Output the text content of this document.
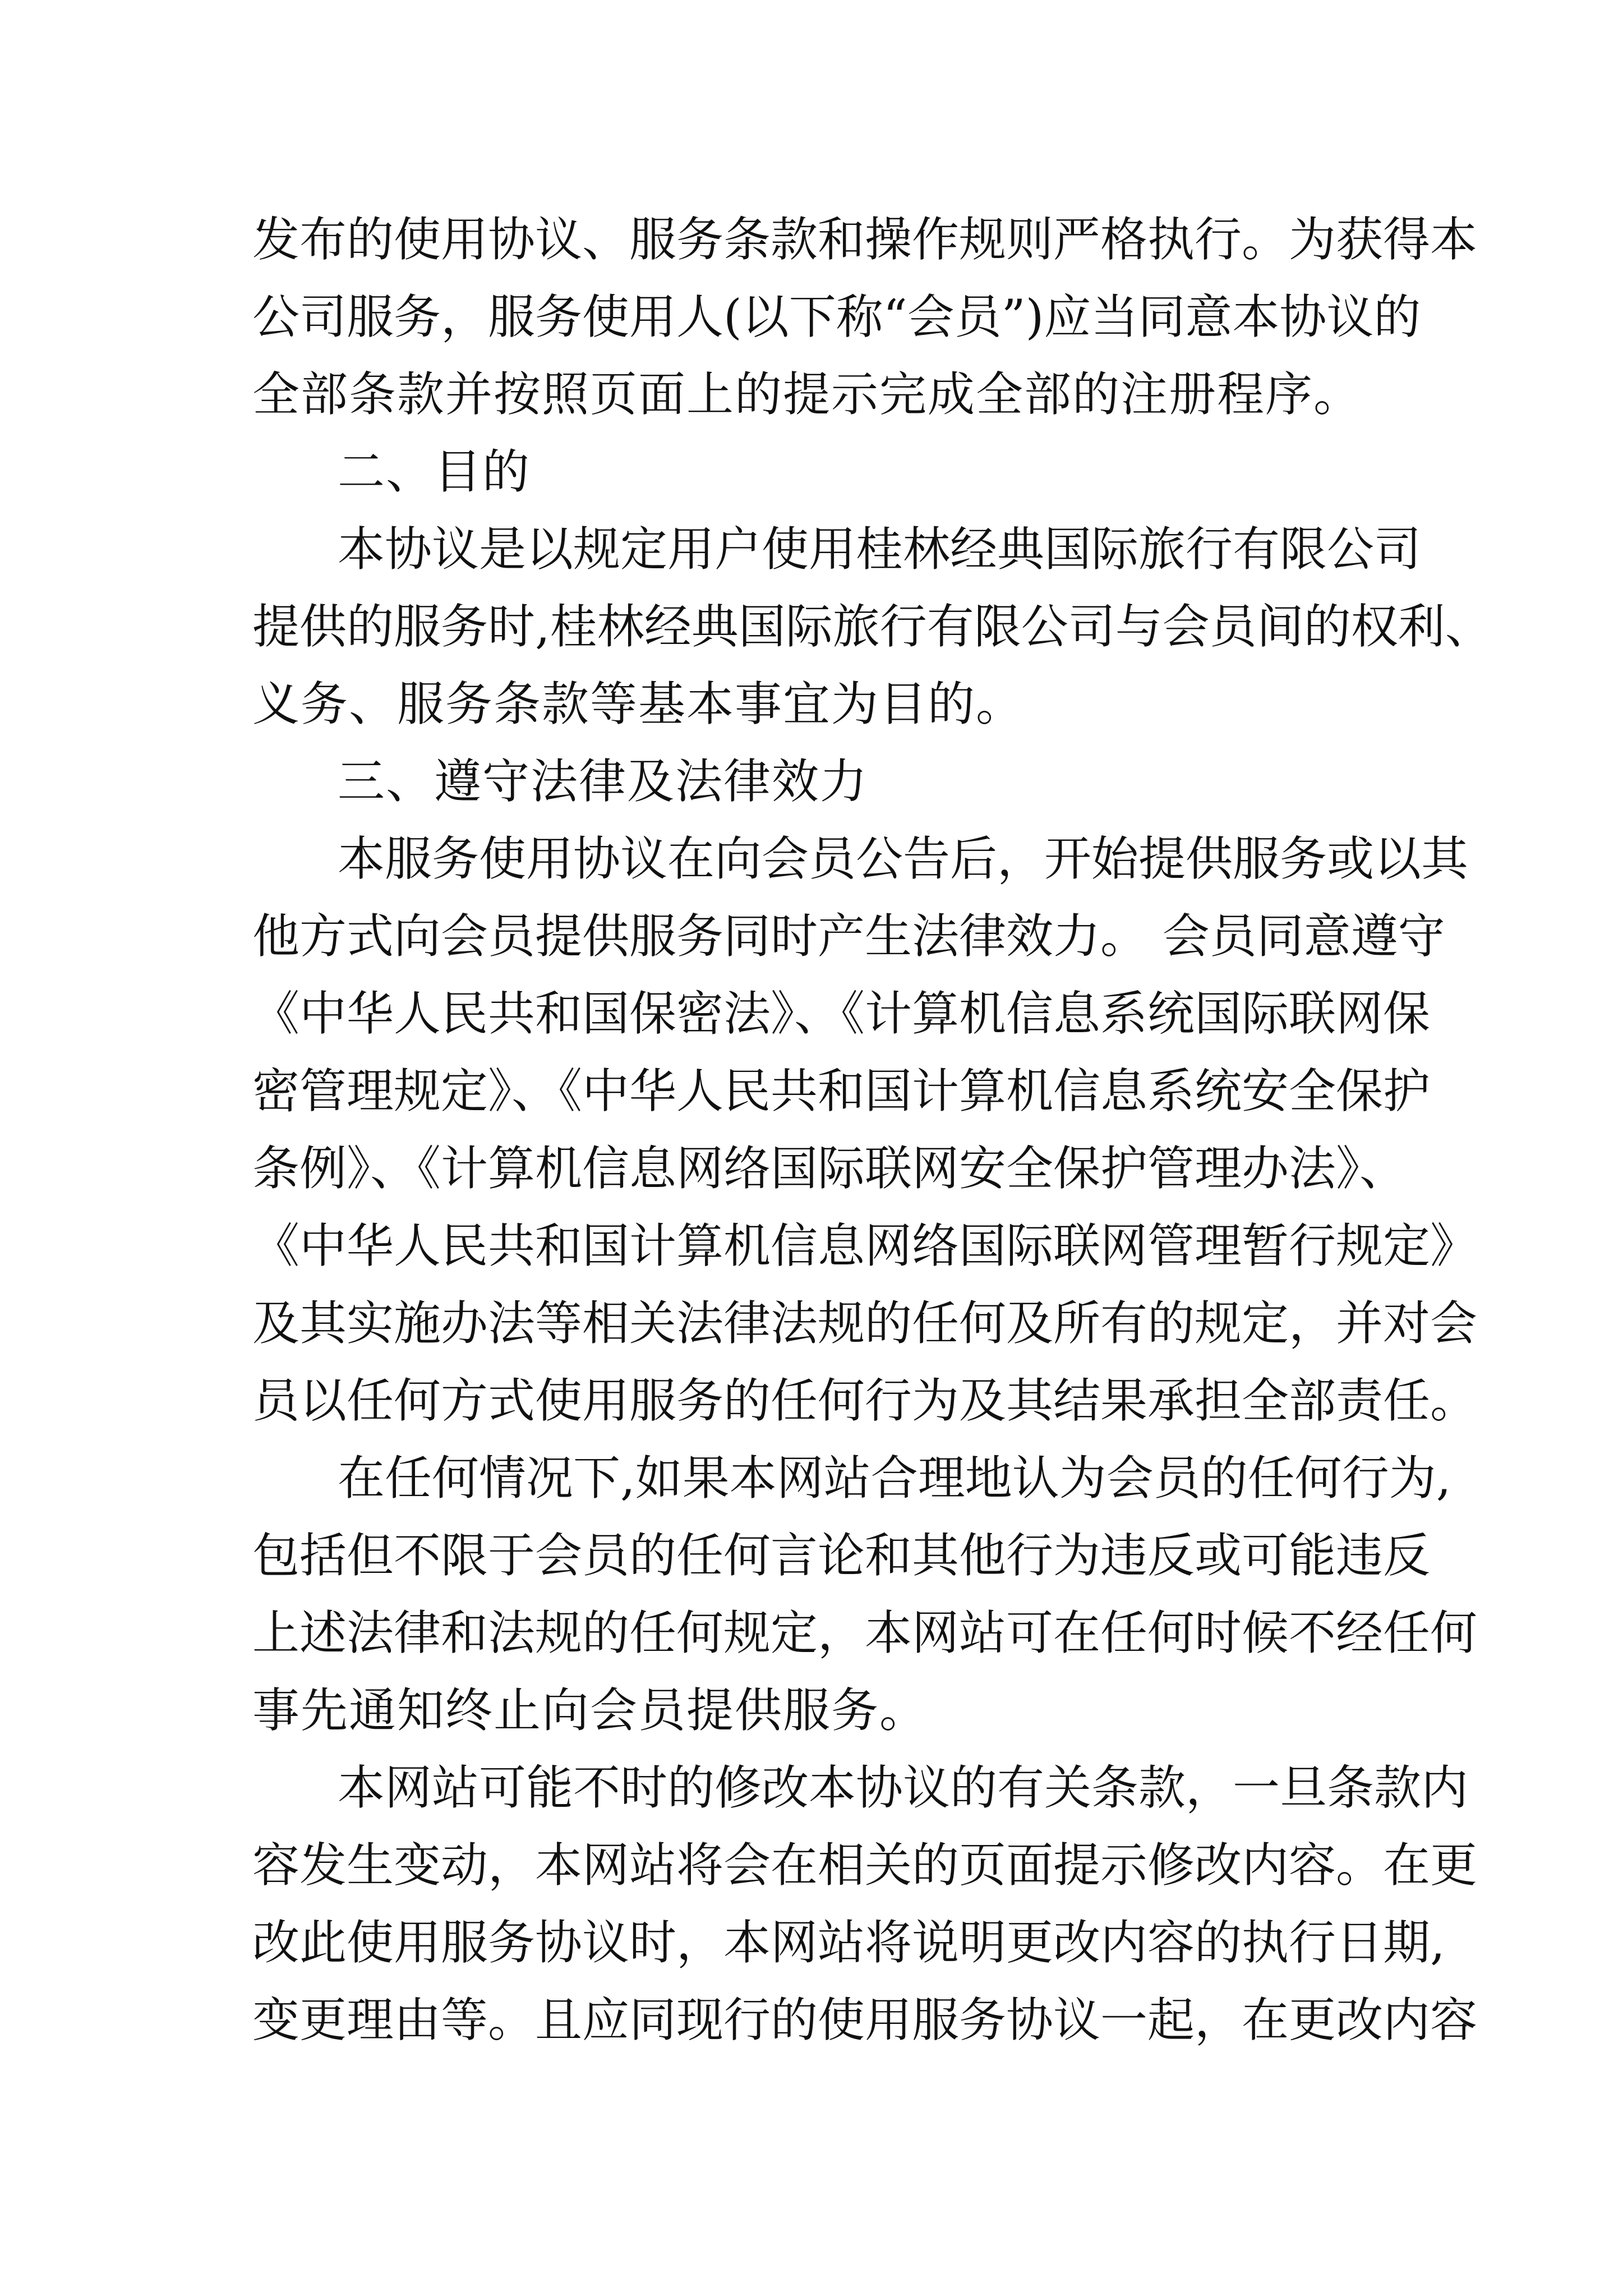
发布的使用协议、服务条款和操作规则严格执行。为获得本
公司服务，服务使用人(以下称“会员”)应当同意本协议的
全部条款并按照页面上的提示完成全部的注册程序。
二、目的
本协议是以规定用户使用桂林经典国际旅行有限公司
提供的服务时,桂林经典国际旅行有限公司与会员间的权利、
义务、服务条款等基本事宜为目的。
三、遵守法律及法律效力
本服务使用协议在向会员公告后，开始提供服务或以其
他方式向会员提供服务同时产生法律效力。 会员同意遵守
《中华人民共和国保密法》、《计算机信息系统国际联网保
密管理规定》、《中华人民共和国计算机信息系统安全保护
条例》、《计算机信息网络国际联网安全保护管理办法》、
《中华人民共和国计算机信息网络国际联网管理暂行规定》
及其实施办法等相关法律法规的任何及所有的规定，并对会
员以任何方式使用服务的任何行为及其结果承担全部责任。
在任何情况下,如果本网站合理地认为会员的任何行为,
包括但不限于会员的任何言论和其他行为违反或可能违反
上述法律和法规的任何规定，本网站可在任何时候不经任何
事先通知终止向会员提供服务。
本网站可能不时的修改本协议的有关条款，一旦条款内
容发生变动，本网站将会在相关的页面提示修改内容。在更
改此使用服务协议时，本网站将说明更改内容的执行日期,
变更理由等。且应同现行的使用服务协议一起，在更改内容
